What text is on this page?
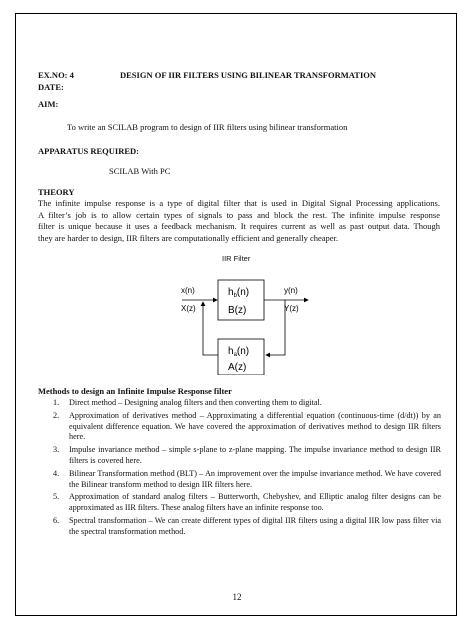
EX.NO: 4	DESIGN OF IIR FILTERS USING BILINEAR TRANSFORMATION
DATE:
AIM:
To write an SCILAB program to design of IIR filters using bilinear transformation
APPARATUS REQUIRED:
SCILAB With PC
THEORY
The infinite impulse response is a type of digital filter that is used in Digital Signal Processing applications.
A filter’s job is to allow certain types of signals to pass and block the rest. The infinite impulse response
filter is unique because it uses a feedback mechanism. It requires current as well as past output data. Though
they are harder to design, IIR filters are computationally efficient and generally cheaper.
IIR Filter
x(n)
X(z)
y(n)
Y(z)
$h_b(n)$
B(z)
$h_a(n)$
A(z)
Methods to design an Infinite Impulse Response filter
1. Direct method – Designing analog filters and then converting them to digital.
2. Approximation of derivatives method – Approximating a differential equation (continuous-time (d/dt)) by an equivalent difference equation. We have covered the approximation of derivatives method to design IIR filters here.
3. Impulse invariance method – simple s-plane to z-plane mapping. The impulse invariance method to design IIR filters is covered here.
4. Bilinear Transformation method (BLT) – An improvement over the impulse invariance method. We have covered the Bilinear transform method to design IIR filters here.
5. Approximation of standard analog filters – Butterworth, Chebyshev, and Elliptic analog filter designs can be approximated as IIR filters. These analog filters have an infinite response too.
6. Spectral transformation – We can create different types of digital IIR filters using a digital IIR low pass filter via the spectral transformation method.
12
